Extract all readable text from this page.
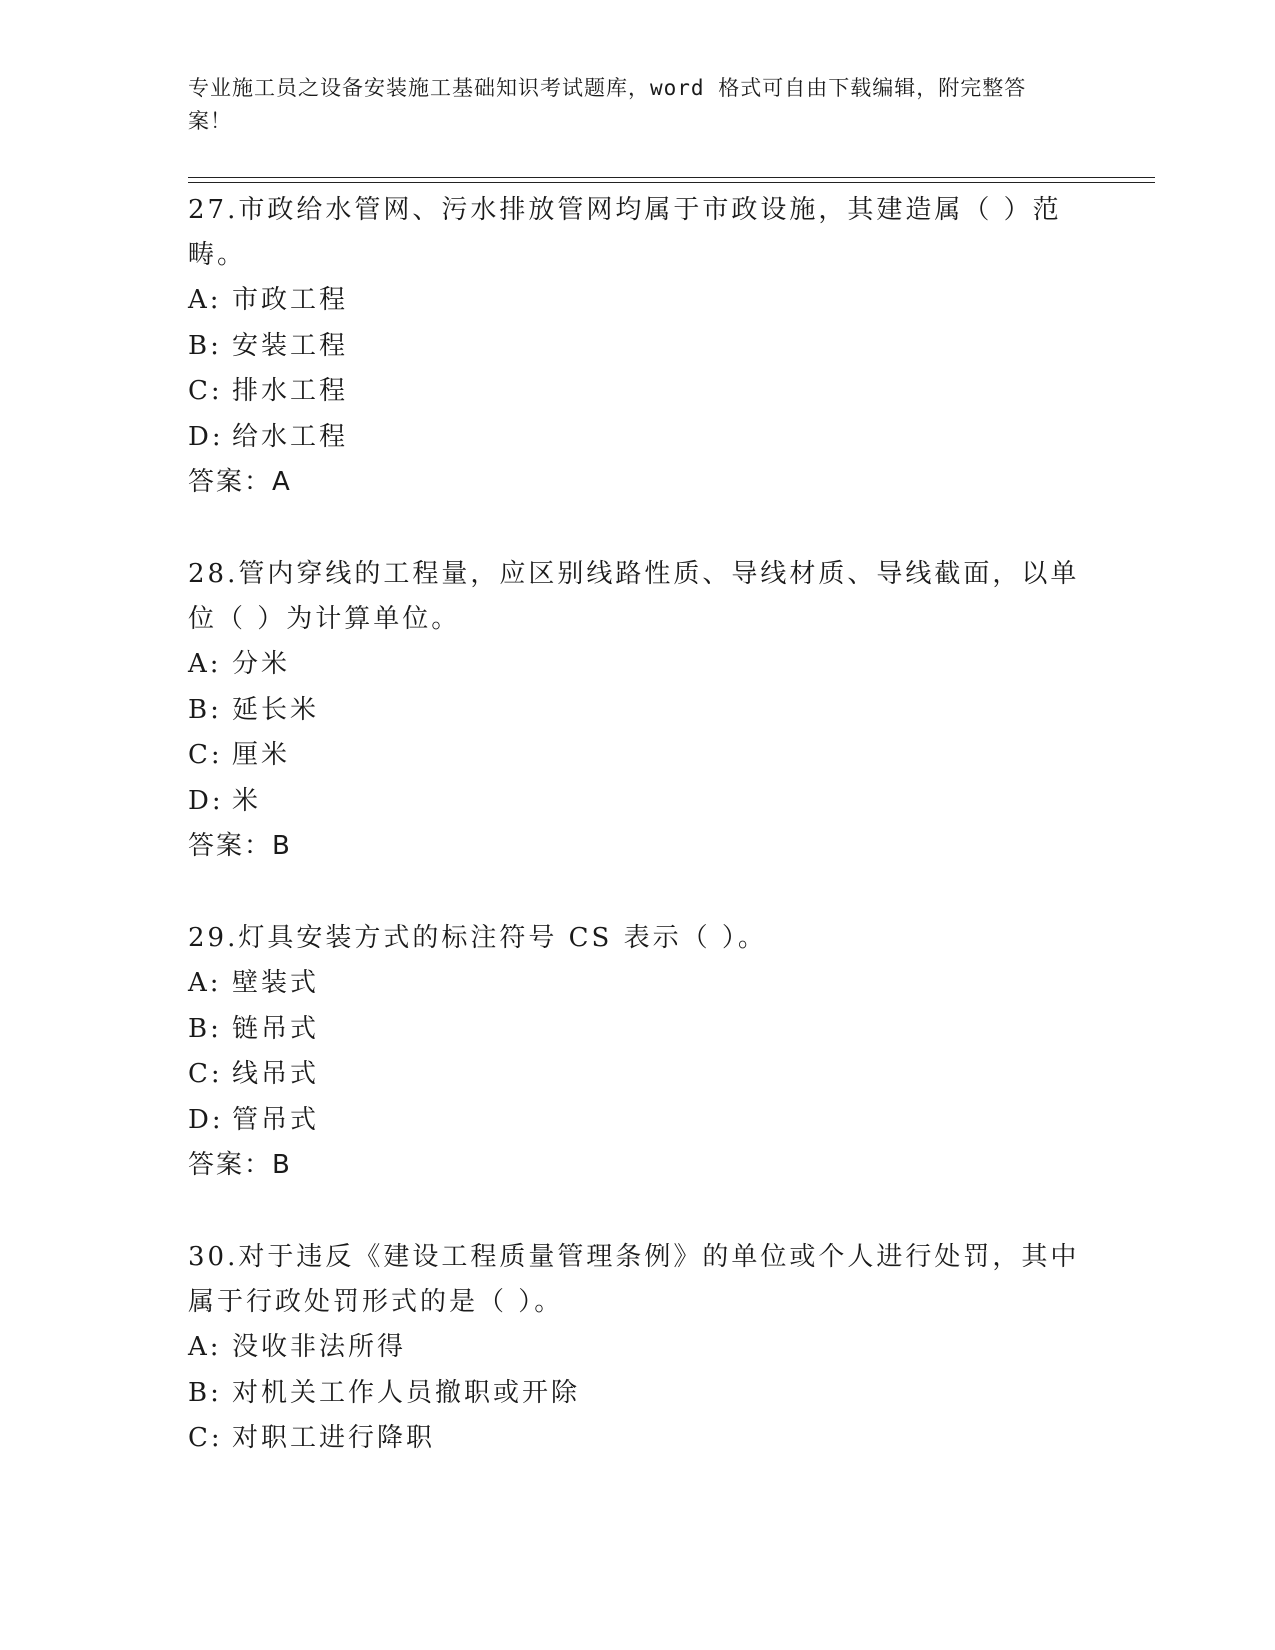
专业施工员之设备安装施工基础知识考试题库，word 格式可自由下载编辑，附完整答案！
27.市政给水管网、污水排放管网均属于市政设施，其建造属（ ）范畴。
A: 市政工程
B: 安装工程
C: 排水工程
D: 给水工程
答案：A
28.管内穿线的工程量，应区别线路性质、导线材质、导线截面，以单位（ ）为计算单位。
A: 分米
B: 延长米
C: 厘米
D: 米
答案：B
29.灯具安装方式的标注符号 CS 表示（ ）。
A: 壁装式
B: 链吊式
C: 线吊式
D: 管吊式
答案：B
30.对于违反《建设工程质量管理条例》的单位或个人进行处罚，其中属于行政处罚形式的是（ ）。
A: 没收非法所得
B: 对机关工作人员撤职或开除
C: 对职工进行降职
